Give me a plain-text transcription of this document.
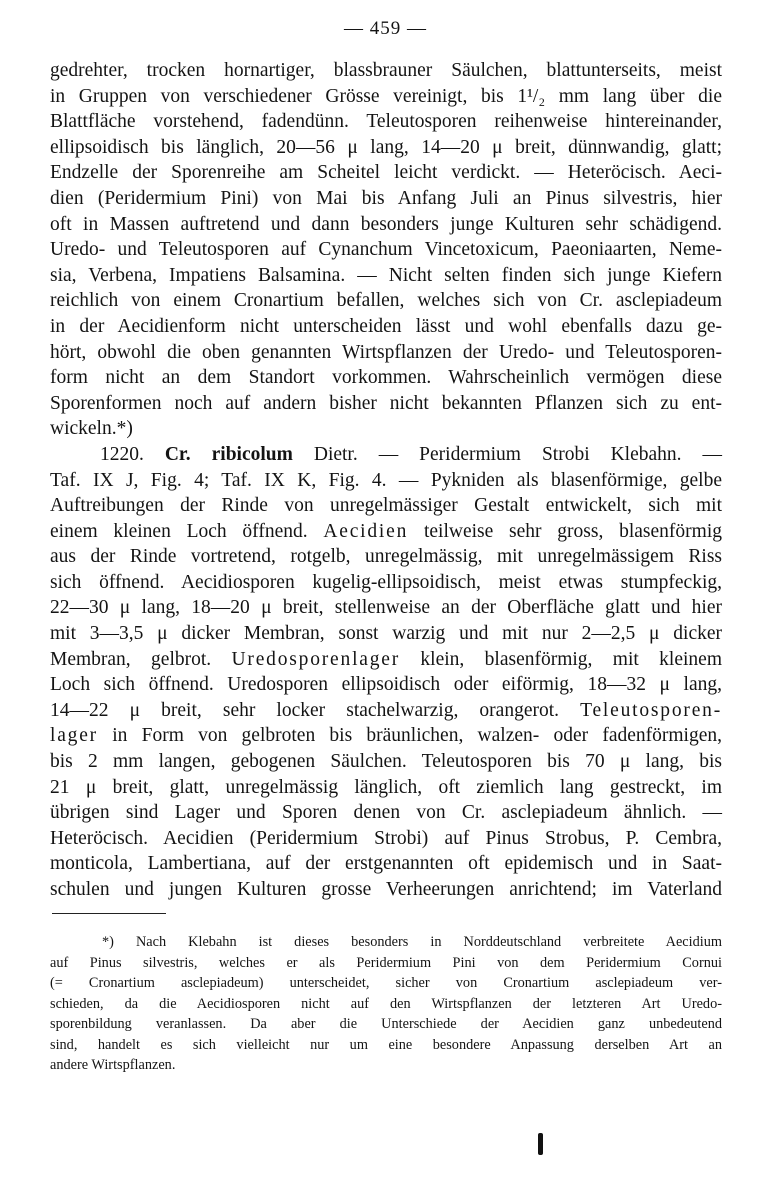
— 459 —
gedrehter, trocken hornartiger, blassbrauner Säulchen, blattunterseits, meist
in Gruppen von verschiedener Grösse vereinigt, bis 1¹/₂ mm lang über die
Blattfläche vorstehend, fadendünn. Teleutosporen reihenweise hintereinander,
ellipsoidisch bis länglich, 20—56 μ lang, 14—20 μ breit, dünnwandig, glatt;
Endzelle der Sporenreihe am Scheitel leicht verdickt. — Heteröcisch. Aeci-
dien (Peridermium Pini) von Mai bis Anfang Juli an Pinus silvestris, hier
oft in Massen auftretend und dann besonders junge Kulturen sehr schädigend.
Uredo- und Teleutosporen auf Cynanchum Vincetoxicum, Paeoniaarten, Neme-
sia, Verbena, Impatiens Balsamina. — Nicht selten finden sich junge Kiefern
reichlich von einem Cronartium befallen, welches sich von Cr. asclepiadeum
in der Aecidienform nicht unterscheiden lässt und wohl ebenfalls dazu ge-
hört, obwohl die oben genannten Wirtspflanzen der Uredo- und Teleutosporen-
form nicht an dem Standort vorkommen. Wahrscheinlich vermögen diese
Sporenformen noch auf andern bisher nicht bekannten Pflanzen sich zu ent-
wickeln.*)
1220. Cr. ribicolum Dietr. — Peridermium Strobi Klebahn. —
Taf. IX J, Fig. 4; Taf. IX K, Fig. 4. — Pykniden als blasenförmige, gelbe
Auftreibungen der Rinde von unregelmässiger Gestalt entwickelt, sich mit
einem kleinen Loch öffnend. Aecidien teilweise sehr gross, blasenförmig
aus der Rinde vortretend, rotgelb, unregelmässig, mit unregelmässigem Riss
sich öffnend. Aecidiosporen kugelig-ellipsoidisch, meist etwas stumpfeckig,
22—30 μ lang, 18—20 μ breit, stellenweise an der Oberfläche glatt und hier
mit 3—3,5 μ dicker Membran, sonst warzig und mit nur 2—2,5 μ dicker
Membran, gelbrot. Uredosporenlager klein, blasenförmig, mit kleinem
Loch sich öffnend. Uredosporen ellipsoidisch oder eiförmig, 18—32 μ lang,
14—22 μ breit, sehr locker stachelwarzig, orangerot. Teleutosporen-
lager in Form von gelbroten bis bräunlichen, walzen- oder fadenförmigen,
bis 2 mm langen, gebogenen Säulchen. Teleutosporen bis 70 μ lang, bis
21 μ breit, glatt, unregelmässig länglich, oft ziemlich lang gestreckt, im
übrigen sind Lager und Sporen denen von Cr. asclepiadeum ähnlich. —
Heteröcisch. Aecidien (Peridermium Strobi) auf Pinus Strobus, P. Cembra,
monticola, Lambertiana, auf der erstgenannten oft epidemisch und in Saat-
schulen und jungen Kulturen grosse Verheerungen anrichtend; im Vaterland
*) Nach Klebahn ist dieses besonders in Norddeutschland verbreitete Aecidium
auf Pinus silvestris, welches er als Peridermium Pini von dem Peridermium Cornui
(= Cronartium asclepiadeum) unterscheidet, sicher von Cronartium asclepiadeum ver-
schieden, da die Aecidiosporen nicht auf den Wirtspflanzen der letzteren Art Uredo-
sporenbildung veranlassen. Da aber die Unterschiede der Aecidien ganz unbedeutend
sind, handelt es sich vielleicht nur um eine besondere Anpassung derselben Art an
andere Wirtspflanzen.
